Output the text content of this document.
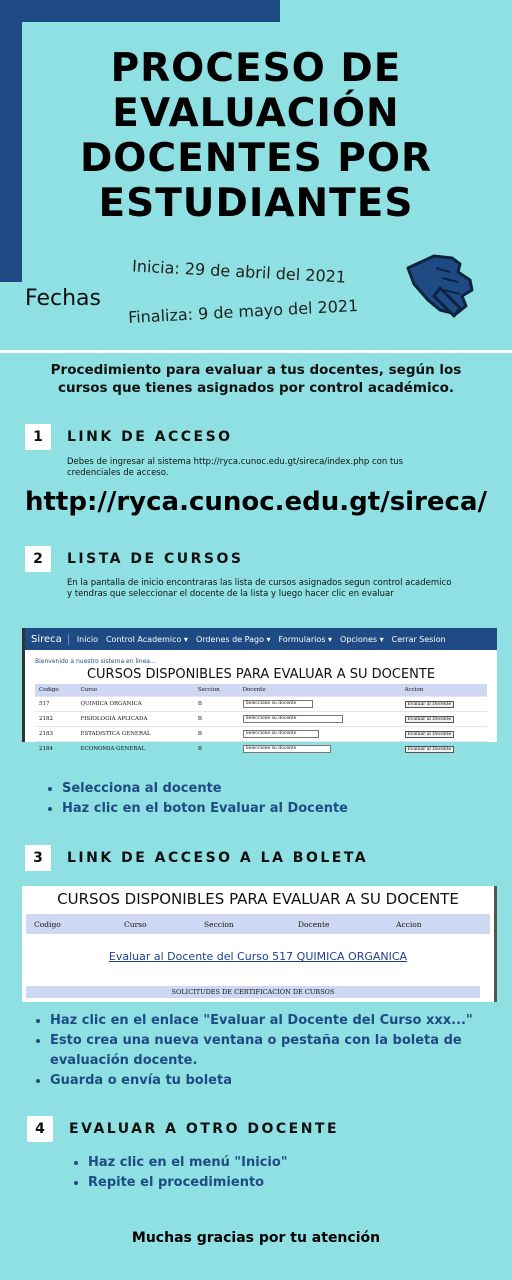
PROCESO DE
EVALUACIÓN
DOCENTES POR
ESTUDIANTES
Fechas
Inicia: 29 de abril del 2021
Finaliza: 9 de mayo del 2021
Procedimiento para evaluar a tus docentes, según los cursos que tienes asignados por control académico.
1	LINK DE ACCESO
Debes de ingresar al sistema http://ryca.cunoc.edu.gt/sireca/index.php con tus credenciales de acceso.
http://ryca.cunoc.edu.gt/sireca/
2	LISTA DE CURSOS
En la pantalla de inicio encontraras las lista de cursos asignados segun control academico
y tendras que seleccionar el docente de la lista y luego hacer clic en evaluar
Sireca	Inicio Control Academico ▾ Ordenes de Pago ▾ Formularios ▾ Opciones ▾ Cerrar Sesion
Bienvenido a nuestro sistema en linea...
CURSOS DISPONIBLES PARA EVALUAR A SU DOCENTE
Codigo	Curso	Seccion	Docente	Accion
517	QUIMICA ORGANICA	B	Seleccione su docente	Evaluar al Docente
2182	FISIOLOGIA APLICADA	B	Seleccione su docente	Evaluar al Docente
2183	ESTADISTICA GENERAL	B	Seleccione su docente	Evaluar al Docente
2184	ECONOMIA GENERAL	B	Seleccione su docente	Evaluar al Docente
• Selecciona al docente
• Haz clic en el boton Evaluar al Docente
3	LINK DE ACCESO A LA BOLETA
CURSOS DISPONIBLES PARA EVALUAR A SU DOCENTE
Codigo	Curso	Seccion	Docente	Accion
Evaluar al Docente del Curso 517 QUIMICA ORGANICA
SOLICITUDES DE CERTIFICACION DE CURSOS
• Haz clic en el enlace "Evaluar al Docente del Curso xxx..."
• Esto crea una nueva ventana o pestaña con la boleta de evaluación docente.
• Guarda o envía tu boleta
4	EVALUAR A OTRO DOCENTE
• Haz clic en el menú "Inicio"
• Repite el procedimiento
Muchas gracias por tu atención
